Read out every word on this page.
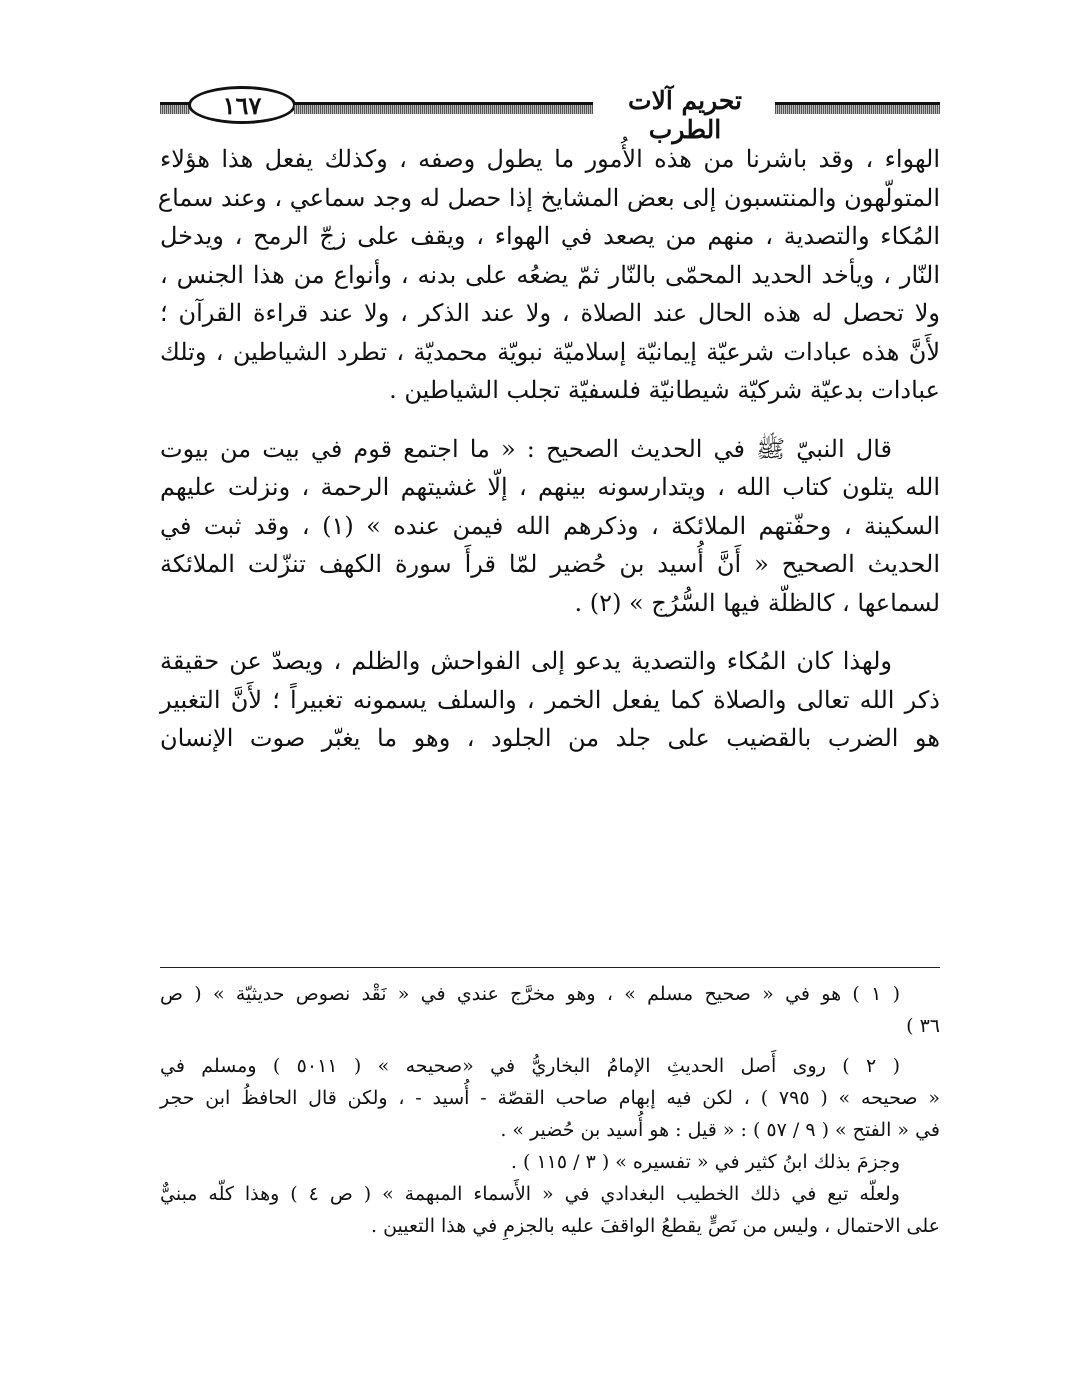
١٦٧	تحريم آلات الطرب
الهواء ، وقد باشرنا من هذه الأُمور ما يطول وصفه ، وكذلك يفعل هذا هؤلاء
المتولّهون والمنتسبون إلى بعض المشايخ إذا حصل له وجد سماعي ، وعند سماع
المُكاء والتصدية ، منهم من يصعد في الهواء ، ويقف على زجّ الرمح ، ويدخل
النّار ، ويأخد الحديد المحمّى بالنّار ثمّ يضعُه على بدنه ، وأنواع من هذا الجنس ،
ولا تحصل له هذه الحال عند الصلاة ، ولا عند الذكر ، ولا عند قراءة القرآن ؛
لأَنَّ هذه عبادات شرعيّة إيمانيّة إسلاميّة نبويّة محمديّة ، تطرد الشياطين ، وتلك
عبادات بدعيّة شركيّة شيطانيّة فلسفيّة تجلب الشياطين .
قال النبيّ ﷺ في الحديث الصحيح : « ما اجتمع قوم في بيت من بيوت
الله يتلون كتاب الله ، ويتدارسونه بينهم ، إلّا غشيتهم الرحمة ، ونزلت عليهم
السكينة ، وحفّتهم الملائكة ، وذكرهم الله فيمن عنده » (١) ، وقد ثبت في
الحديث الصحيح « أَنَّ أُسيد بن حُضير لمّا قرأَ سورة الكهف تنزّلت الملائكة
لسماعها ، كالظلّة فيها السُّرُج » (٢) .
ولهذا كان المُكاء والتصدية يدعو إلى الفواحش والظلم ، ويصدّ عن حقيقة
ذكر الله تعالى والصلاة كما يفعل الخمر ، والسلف يسمونه تغبيراً ؛ لأَنَّ التغبير
هو الضرب بالقضيب على جلد من الجلود ، وهو ما يغبّر صوت الإنسان
( ١ ) هو في « صحيح مسلم » ، وهو مخرَّج عندي في « نَقْد نصوص حديثيّة » ( ص
٣٦ )
( ٢ ) روى أَصل الحديثِ الإمامُ البخاريُّ في «صحيحه » ( ٥٠١١ ) ومسلم في
« صحيحه » ( ٧٩٥ ) ، لكن فيه إبهام صاحب القصّة - أُسيد - ، ولكن قال الحافظُ ابن حجر
في « الفتح » ( ٩ / ٥٧ ) : « قيل : هو أُسيد بن حُضير » .
وجزمَ بذلك ابنُ كثير في « تفسيره » ( ٣ / ١١٥ ) .
ولعلّه تبع في ذلك الخطيب البغدادي في « الأَسماء المبهمة » ( ص ٤ ) وهذا كلّه مبنيٌّ
على الاحتمال ، وليس من نَصٍّ يقطعُ الواقفَ عليه بالجزمِ في هذا التعيين .
